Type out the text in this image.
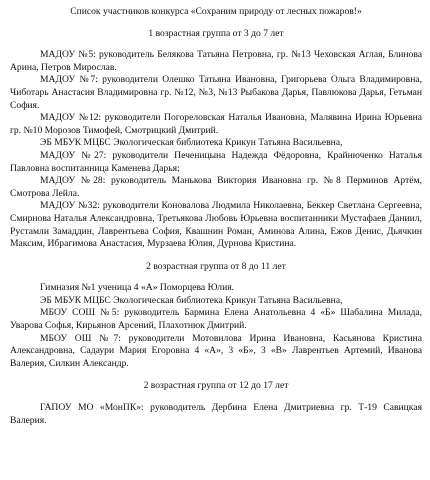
Список участников конкурса «Сохраним природу от лесных пожаров!»
1 возрастная группа от 3 до 7 лет

МАДОУ №5: руководитель Белякова Татьяна Петровна, гр. №13 Чеховская Аглая, Блинова Арина, Петров Мирослав.

МАДОУ №7: руководители Олешко Татьяна Ивановна, Григорьева Ольга Владимировна, Чиботарь Анастасия Владимировна гр. №12, №3, №13 Рыбакова Дарья, Павлюкова Дарья, Гетьман София.

МАДОУ №12: руководители Погореловская Наталья Ивановна, Малявина Ирина Юрьевна гр. №10 Морозов Тимофей, Смотрицкий Дмитрий.

ЭБ МБУК МЦБС Экологическая библиотека Крикун Татьяна Васильевна,

МАДОУ №27: руководители Печеницына Надежда Фёдоровна, Крайнюченко Наталья Павловна воспитанница Каменева Дарья;

МАДОУ №28: руководитель Манькова Виктория Ивановна гр. №8 Перминов Артём, Смотрова Лейла.

МАДОУ №32: руководители Коновалова Людмила Николаевна, Беккер Светлана Сергеевна, Смирнова Наталья Александровна, Третьякова Любовь Юрьевна воспитанники Мустафаев Даниил, Рустамли Замаддин, Лаврентьева София, Квашнин Роман, Аминова Алина, Ежов Денис, Дьячкин Максим, Ибрагимова Анастасия, Мурзаева Юлия, Дурнова Кристина.

2 возрастная группа от 8 до 11 лет

Гимназия №1 ученица 4 «А» Поморцева Юлия.

ЭБ МБУК МЦБС Экологическая библиотека Крикун Татьяна Васильевна,

МБОУ СОШ №5: руководитель Бармина Елена Анатольевна 4 «Б» Шабалина Милада, Уварова Софья, Кирьянов Арсений, Плахотнюк Дмитрий.

МБОУ ОШ №7: руководители Мотовилова Ирина Ивановна, Касьянова Кристина Александровна, Садаури Мария Егоровна 4 «А», 3 «Б», 3 «В» Лаврентьев Артемий, Иванова Валерия, Силкин Александр.

2 возрастная группа от 12 до 17 лет

ГАПОУ МО «МонПК»: руководитель Дербина Елена Дмитриевна гр. Т-19 Савицкая Валерия.
